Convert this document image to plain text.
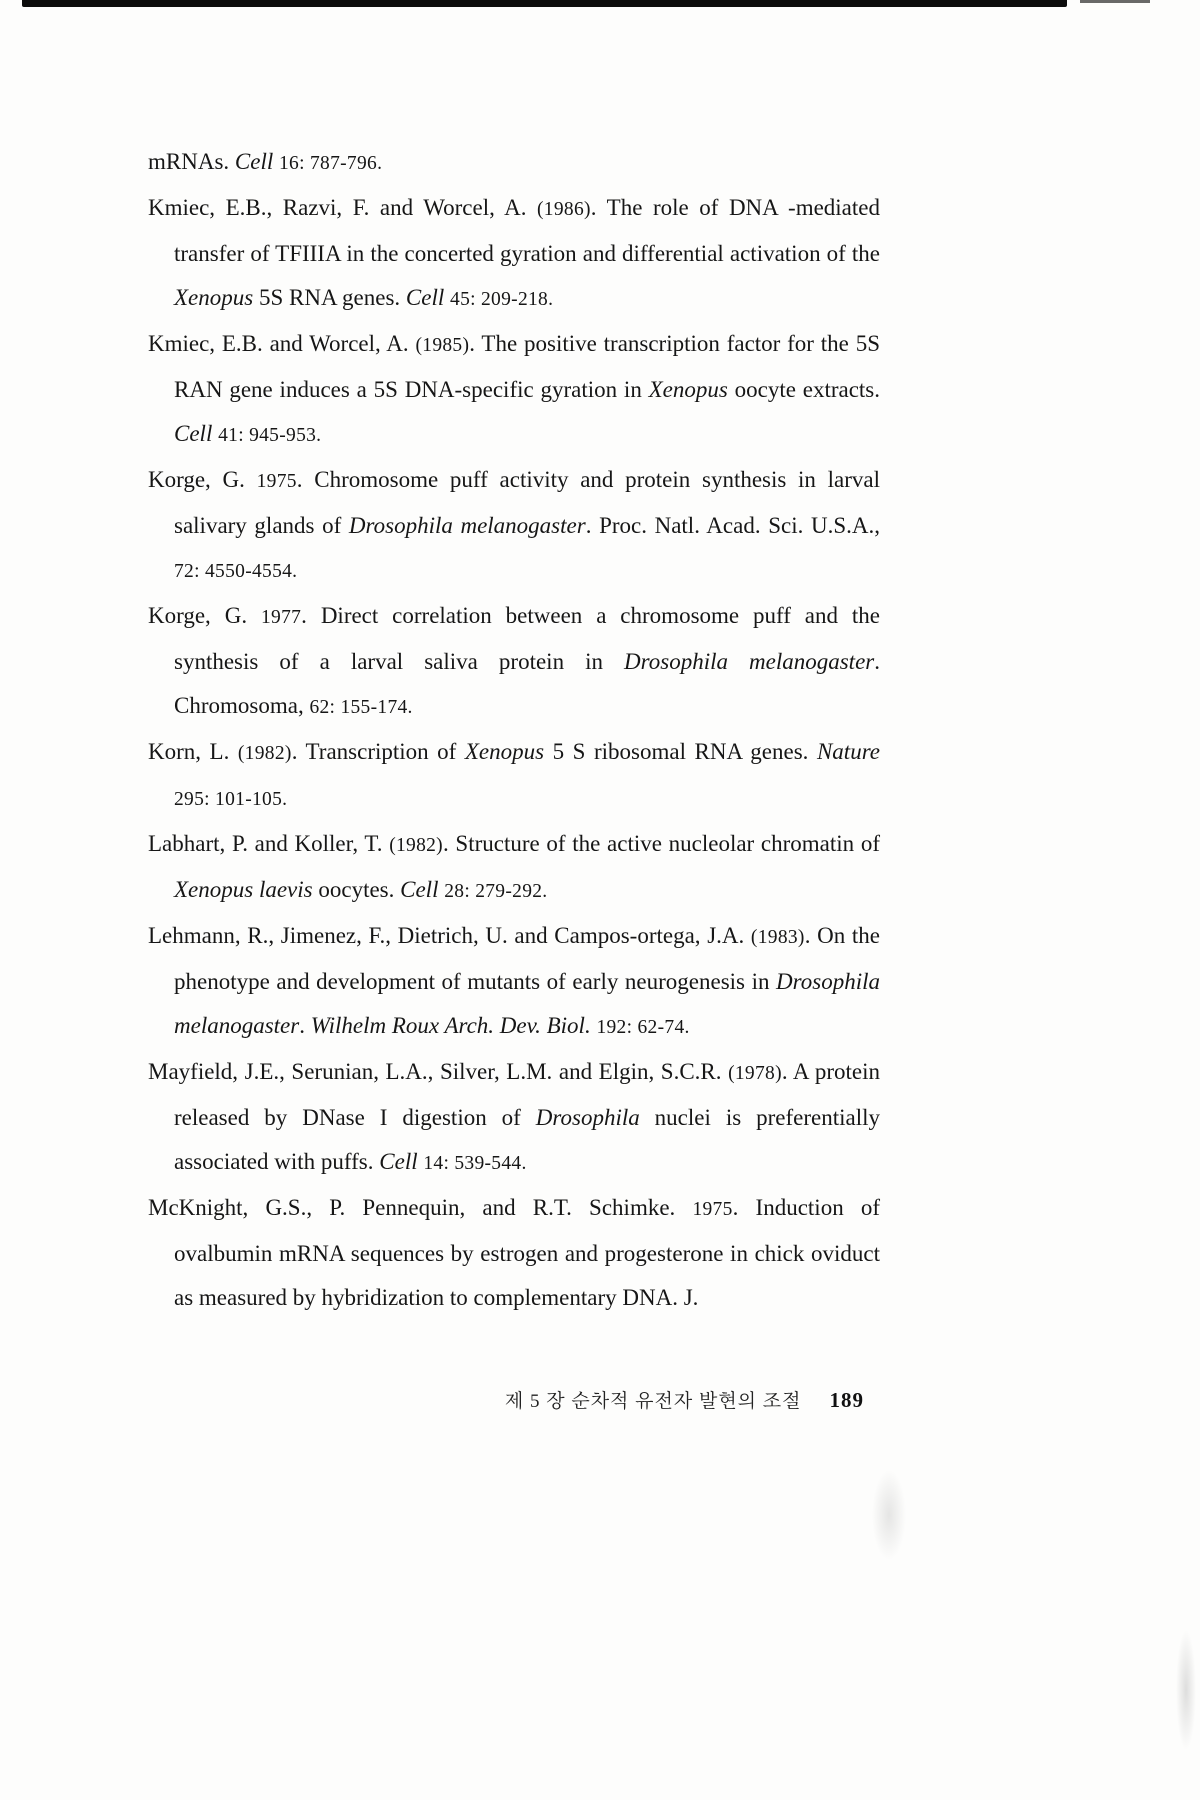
mRNAs. Cell 16: 787-796.

Kmiec, E.B., Razvi, F. and Worcel, A. (1986). The role of DNA -mediated transfer of TFIIIA in the concerted gyration and differential activation of the Xenopus 5S RNA genes. Cell 45: 209-218.

Kmiec, E.B. and Worcel, A. (1985). The positive transcription factor for the 5S RAN gene induces a 5S DNA-specific gyration in Xenopus oocyte extracts. Cell 41: 945-953.

Korge, G. 1975. Chromosome puff activity and protein synthesis in larval salivary glands of Drosophila melanogaster. Proc. Natl. Acad. Sci. U.S.A., 72: 4550-4554.

Korge, G. 1977. Direct correlation between a chromosome puff and the synthesis of a larval saliva protein in Drosophila melanogaster. Chromosoma, 62: 155-174.

Korn, L. (1982). Transcription of Xenopus 5 S ribosomal RNA genes. Nature 295: 101-105.

Labhart, P. and Koller, T. (1982). Structure of the active nucleolar chromatin of Xenopus laevis oocytes. Cell 28: 279-292.

Lehmann, R., Jimenez, F., Dietrich, U. and Campos-ortega, J.A. (1983). On the phenotype and development of mutants of early neurogenesis in Drosophila melanogaster. Wilhelm Roux Arch. Dev. Biol. 192: 62-74.

Mayfield, J.E., Serunian, L.A., Silver, L.M. and Elgin, S.C.R. (1978). A protein released by DNase I digestion of Drosophila nuclei is preferentially associated with puffs. Cell 14: 539-544.

McKnight, G.S., P. Pennequin, and R.T. Schimke. 1975. Induction of ovalbumin mRNA sequences by estrogen and progesterone in chick oviduct as measured by hybridization to complementary DNA. J.

제 5 장 순차적 유전자 발현의 조절 189
